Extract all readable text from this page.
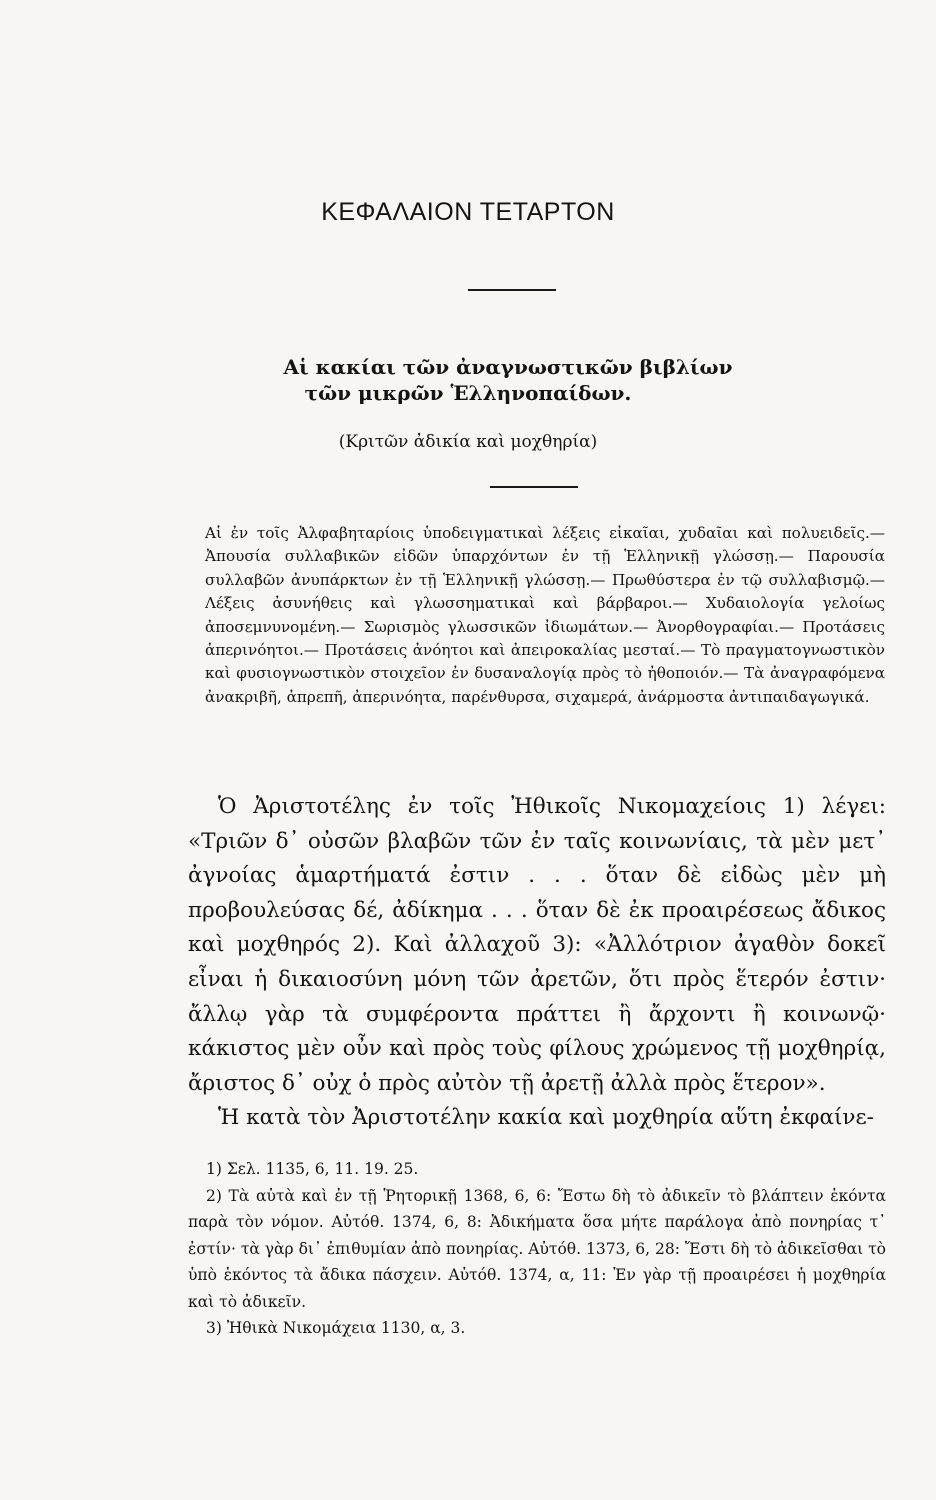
ΚΕΦΑΛΑΙΟΝ ΤΕΤΑΡΤΟΝ
Αἱ κακίαι τῶν ἀναγνωστικῶν βιβλίων
τῶν μικρῶν Ἑλληνοπαίδων.
(Κριτῶν ἀδικία καὶ μοχθηρία)

Αἱ ἐν τοῖς Ἀλφαβηταρίοις ὑποδειγματικαὶ λέξεις εἰκαῖαι, χυδαῖαι καὶ πολυειδεῖς.— Ἀπουσία συλλαβικῶν εἰδῶν ὑπαρχόντων ἐν τῇ Ἑλληνικῇ γλώσσῃ.— Παρουσία συλλαβῶν ἀνυπάρκτων ἐν τῇ Ἑλληνικῇ γλώσσῃ.— Πρωθύστερα ἐν τῷ συλλαβισμῷ.— Λέξεις ἀσυνήθεις καὶ γλωσσηματικαὶ καὶ βάρβαροι.— Χυδαιολογία γελοίως ἀποσεμνυνομένη.— Σωρισμὸς γλωσσικῶν ἰδιωμάτων.— Ἀνορθογραφίαι.— Προτάσεις ἀπερινόητοι.— Προτάσεις ἀνόητοι καὶ ἀπειροκαλίας μεσταί.— Τὸ πραγματογνωστικὸν καὶ φυσιογνωστικὸν στοιχεῖον ἐν δυσαναλογίᾳ πρὸς τὸ ἠθοποιόν.— Τὰ ἀναγραφόμενα ἀνακριβῆ, ἀπρεπῆ, ἀπερινόητα, παρένθυρσα, σιχαμερά, ἀνάρμοστα ἀντιπαιδαγωγικά.

Ὁ Ἀριστοτέλης ἐν τοῖς Ἠθικοῖς Νικομαχείοις 1) λέγει: «Τριῶν δ᾿ οὐσῶν βλαβῶν τῶν ἐν ταῖς κοινωνίαις, τὰ μὲν μετ᾿ ἀγνοίας ἁμαρτήματά ἐστιν . . . ὅταν δὲ εἰδὼς μὲν μὴ προβουλεύσας δέ, ἀδίκημα . . . ὅταν δὲ ἐκ προαιρέσεως ἄδικος καὶ μοχθηρός 2). Καὶ ἀλλαχοῦ 3): «Ἀλλότριον ἀγαθὸν δοκεῖ εἶναι ἡ δικαιοσύνη μόνη τῶν ἀρετῶν, ὅτι πρὸς ἕτερόν ἐστιν· ἄλλῳ γὰρ τὰ συμφέροντα πράττει ἢ ἄρχοντι ἢ κοινωνῷ· κάκιστος μὲν οὖν καὶ πρὸς τοὺς φίλους χρώμενος τῇ μοχθηρίᾳ, ἄριστος δ᾿ οὐχ ὁ πρὸς αὐτὸν τῇ ἀρετῇ ἀλλὰ πρὸς ἕτερον».

Ἡ κατὰ τὸν Ἀριστοτέλην κακία καὶ μοχθηρία αὕτη ἐκφαίνε-

1) Σελ. 1135, 6, 11. 19. 25.

2) Τὰ αὐτὰ καὶ ἐν τῇ Ῥητορικῇ 1368, 6, 6: Ἔστω δὴ τὸ ἀδικεῖν τὸ βλάπτειν ἑκόντα παρὰ τὸν νόμον. Αὐτόθ. 1374, 6, 8: Ἀδικήματα ὅσα μήτε παράλογα ἀπὸ πονηρίας τ᾿ ἐστίν· τὰ γὰρ δι᾿ ἐπιθυμίαν ἀπὸ πονηρίας. Αὐτόθ. 1373, 6, 28: Ἔστι δὴ τὸ ἀδικεῖσθαι τὸ ὑπὸ ἑκόντος τὰ ἄδικα πάσχειν. Αὐτόθ. 1374, α, 11: Ἐν γὰρ τῇ προαιρέσει ἡ μοχθηρία καὶ τὸ ἀδικεῖν.

3) Ἠθικὰ Νικομάχεια 1130, α, 3.
